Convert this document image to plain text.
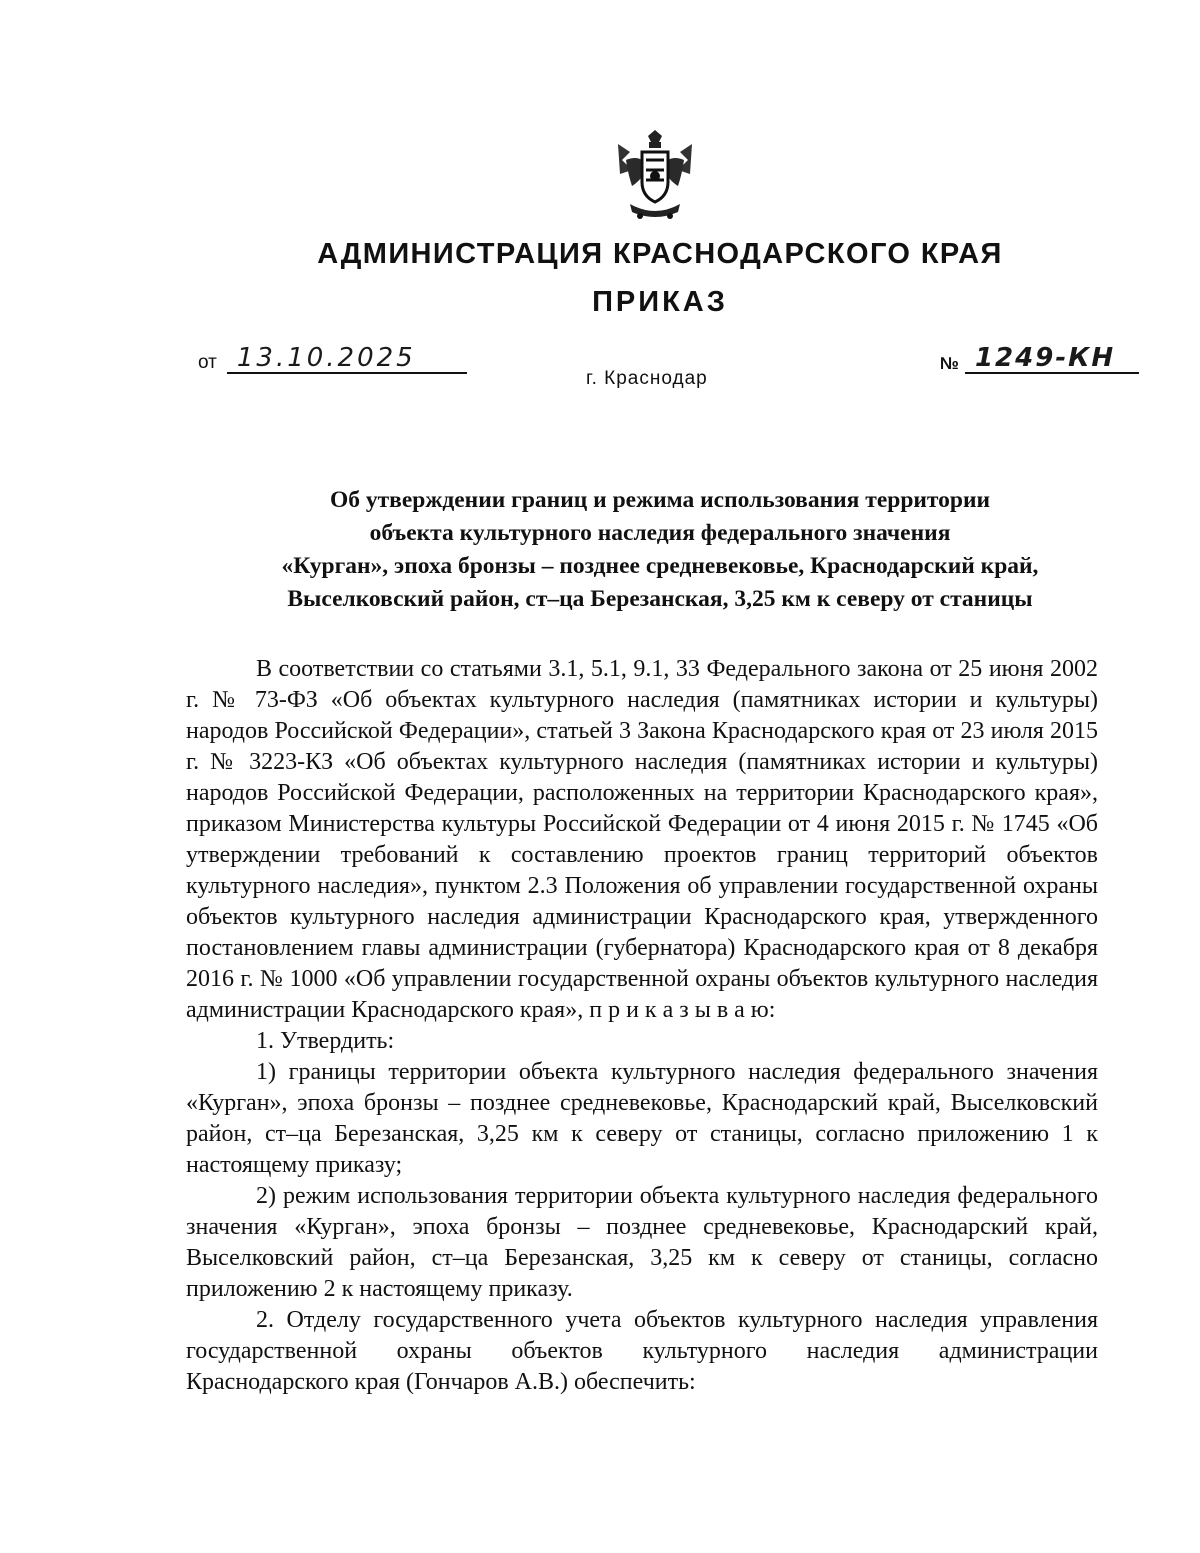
АДМИНИСТРАЦИЯ КРАСНОДАРСКОГО КРАЯ
ПРИКАЗ
от 13.10.2025	№ 1249-КН
г. Краснодар
Об утверждении границ и режима использования территории
объекта культурного наследия федерального значения
«Курган», эпоха бронзы – позднее средневековье, Краснодарский край,
Выселковский район, ст–ца Березанская, 3,25 км к северу от станицы

В соответствии со статьями 3.1, 5.1, 9.1, 33 Федерального закона от 25 июня 2002 г. № 73-ФЗ «Об объектах культурного наследия (памятниках истории и культуры) народов Российской Федерации», статьей 3 Закона Краснодарского края от 23 июля 2015 г. № 3223-КЗ «Об объектах культурного наследия (памятниках истории и культуры) народов Российской Федерации, расположенных на территории Краснодарского края», приказом Министерства культуры Российской Федерации от 4 июня 2015 г. № 1745 «Об утверждении требований к составлению проектов границ территорий объектов культурного наследия», пунктом 2.3 Положения об управлении государственной охраны объектов культурного наследия администрации Краснодарского края, утвержденного постановлением главы администрации (губернатора) Краснодарского края от 8 декабря 2016 г. № 1000 «Об управлении государственной охраны объектов культурного наследия администрации Краснодарского края», п р и к а з ы в а ю:

1. Утвердить:

1) границы территории объекта культурного наследия федерального значения «Курган», эпоха бронзы – позднее средневековье, Краснодарский край, Выселковский район, ст–ца Березанская, 3,25 км к северу от станицы, согласно приложению 1 к настоящему приказу;

2) режим использования территории объекта культурного наследия федерального значения «Курган», эпоха бронзы – позднее средневековье, Краснодарский край, Выселковский район, ст–ца Березанская, 3,25 км к северу от станицы, согласно приложению 2 к настоящему приказу.

2. Отделу государственного учета объектов культурного наследия управления государственной охраны объектов культурного наследия администрации Краснодарского края (Гончаров А.В.) обеспечить:
